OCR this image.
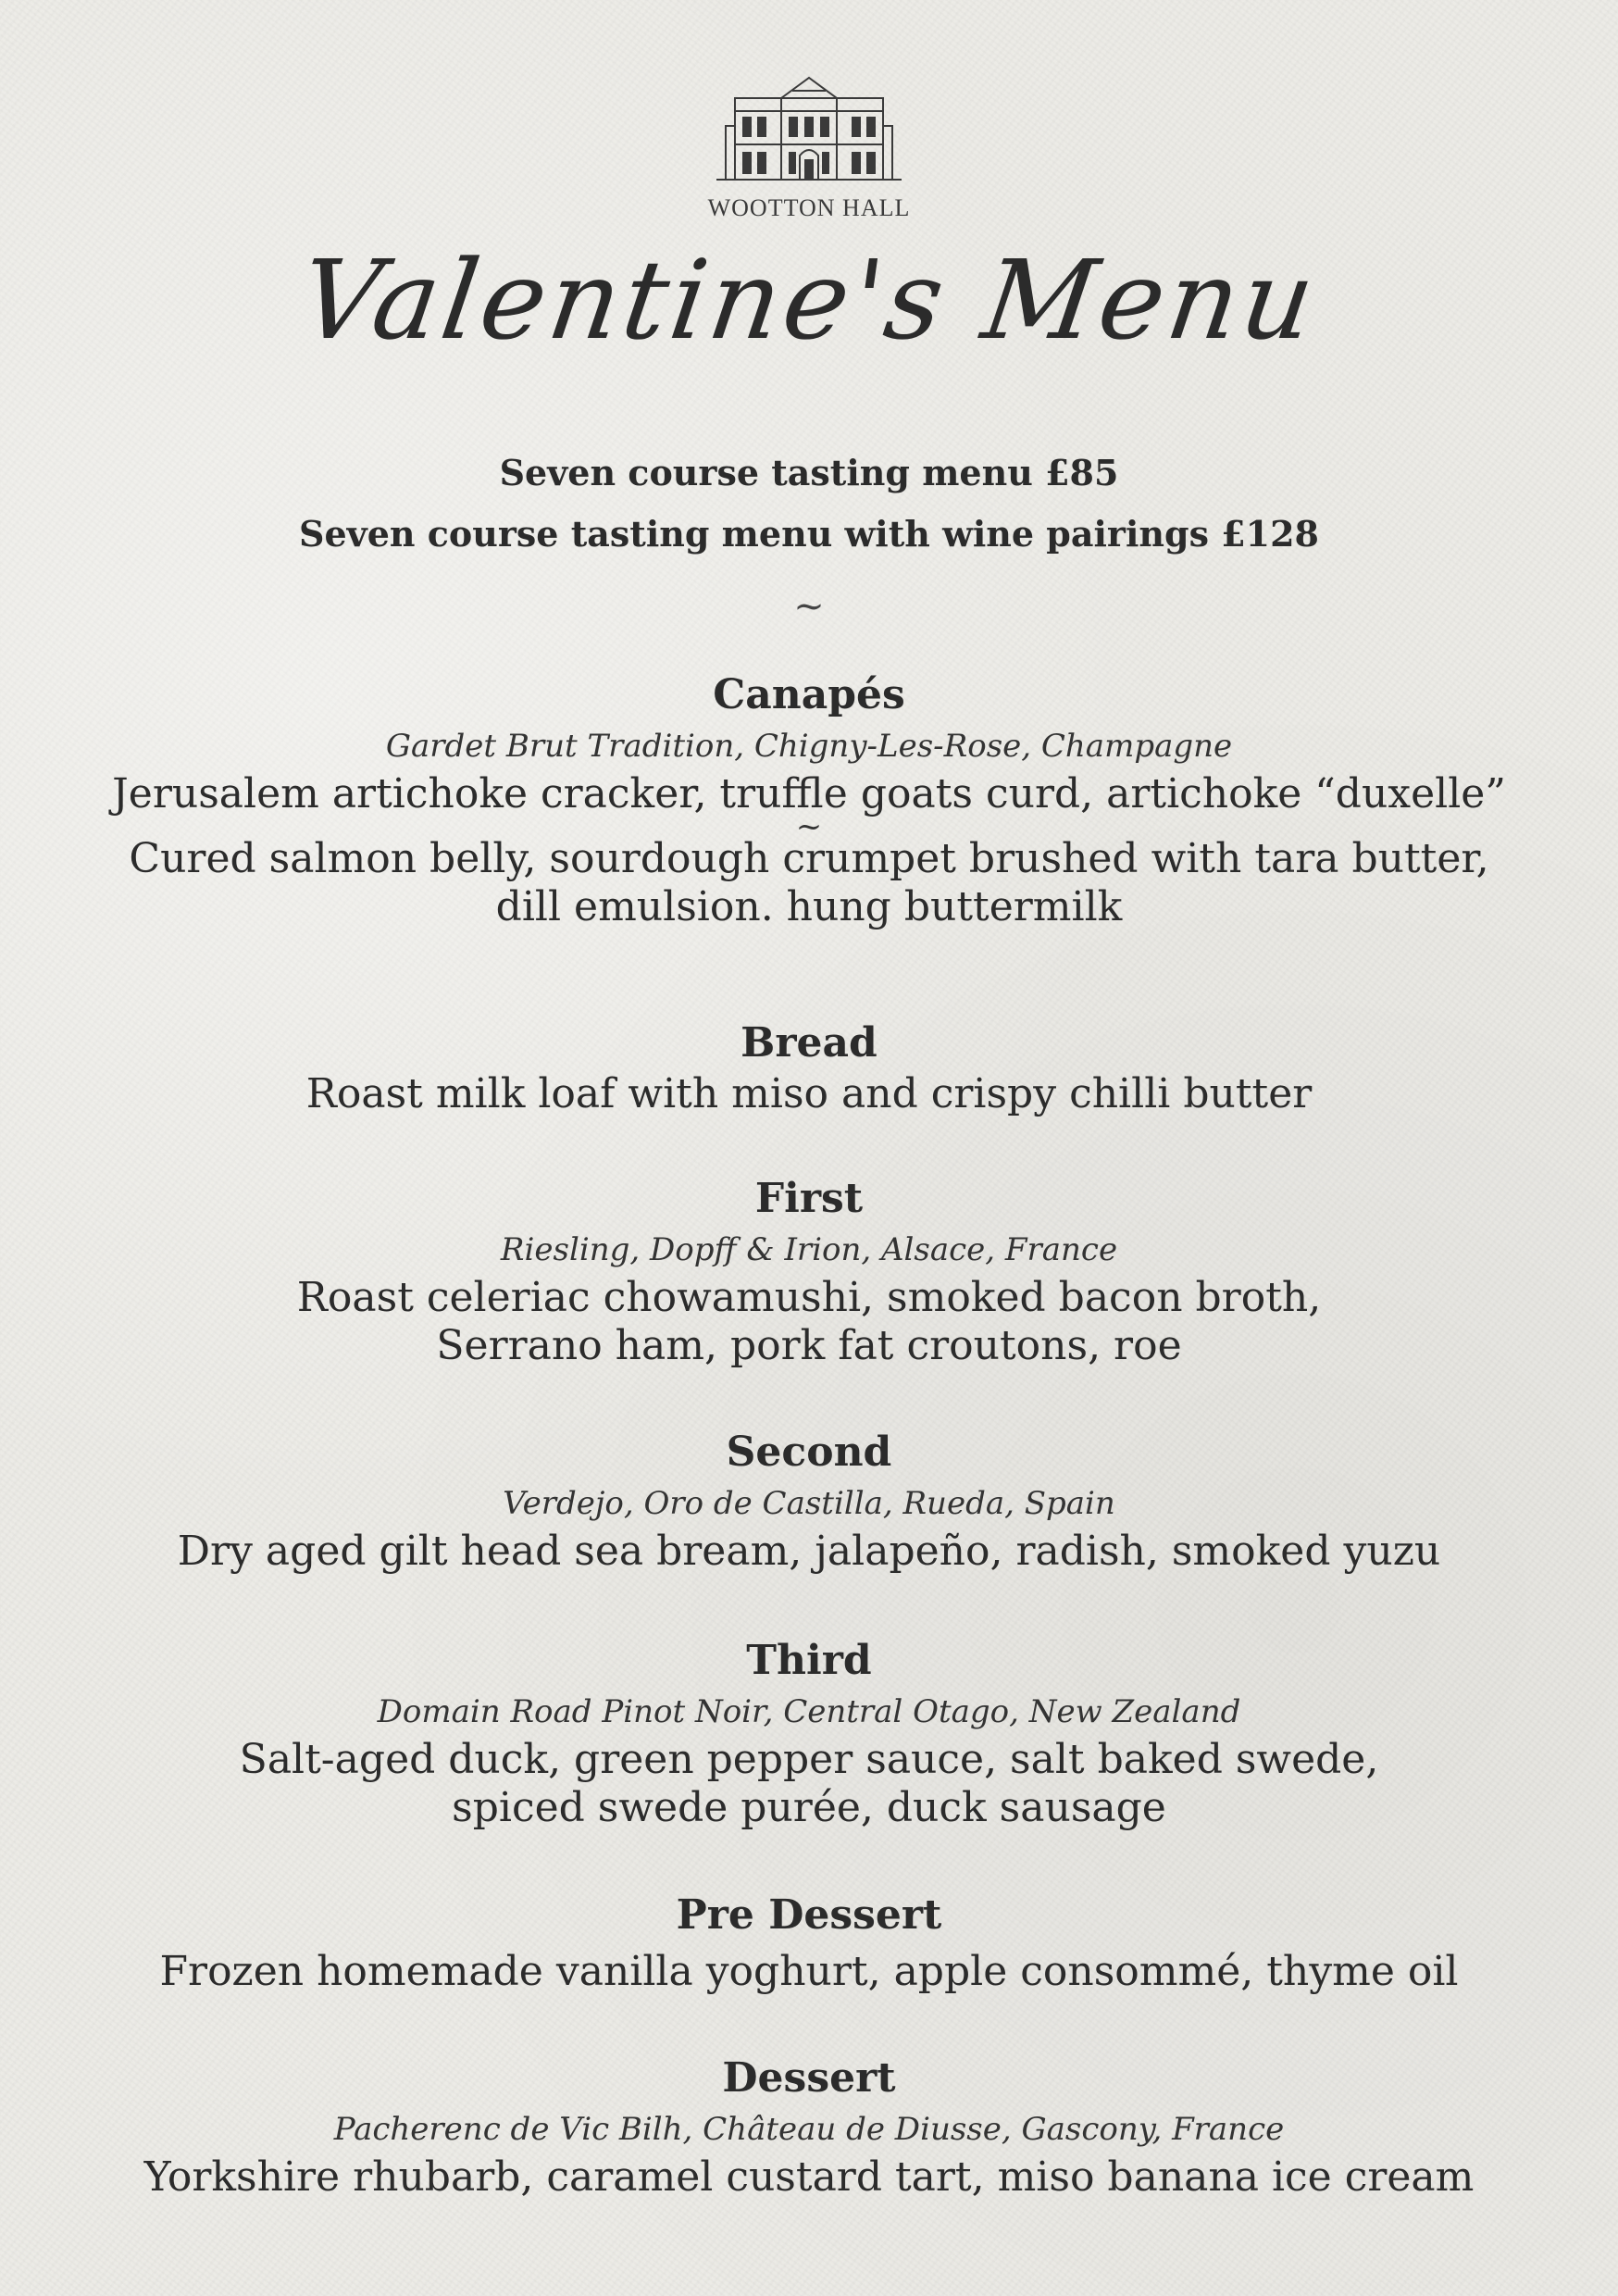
WOOTTON HALL
Valentine's Menu
Seven course tasting menu £85
Seven course tasting menu with wine pairings £128
~
Canapés
Gardet Brut Tradition, Chigny-Les-Rose, Champagne
Jerusalem artichoke cracker, truffle goats curd, artichoke “duxelle”
~
Cured salmon belly, sourdough crumpet brushed with tara butter,
dill emulsion. hung buttermilk
Bread
Roast milk loaf with miso and crispy chilli butter
First
Riesling, Dopff & Irion, Alsace, France
Roast celeriac chowamushi, smoked bacon broth,
Serrano ham, pork fat croutons, roe
Second
Verdejo, Oro de Castilla, Rueda, Spain
Dry aged gilt head sea bream, jalapeño, radish, smoked yuzu
Third
Domain Road Pinot Noir, Central Otago, New Zealand
Salt-aged duck, green pepper sauce, salt baked swede,
spiced swede purée, duck sausage
Pre Dessert
Frozen homemade vanilla yoghurt, apple consommé, thyme oil
Dessert
Pacherenc de Vic Bilh, Château de Diusse, Gascony, France
Yorkshire rhubarb, caramel custard tart, miso banana ice cream
